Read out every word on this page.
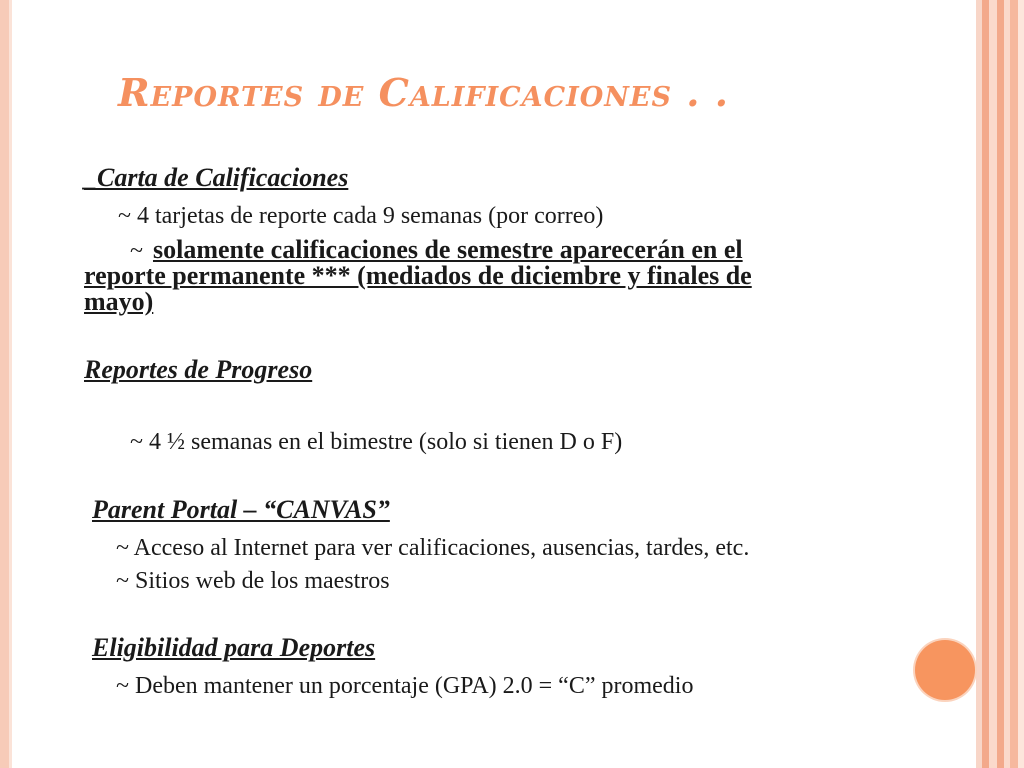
Reportes de Calificaciones . .
_Carta de Calificaciones
~ 4 tarjetas de reporte cada 9 semanas (por correo)
~ solamente calificaciones de semestre aparecerán en el
reporte permanente *** (mediados de diciembre y finales de
mayo)
Reportes de Progreso
~ 4 ½ semanas en el bimestre (solo si tienen D o F)
Parent Portal – “CANVAS”
~ Acceso al Internet para ver calificaciones, ausencias, tardes, etc.
~ Sitios web de los maestros
Eligibilidad para Deportes
~ Deben mantener un porcentaje (GPA) 2.0 = “C” promedio
